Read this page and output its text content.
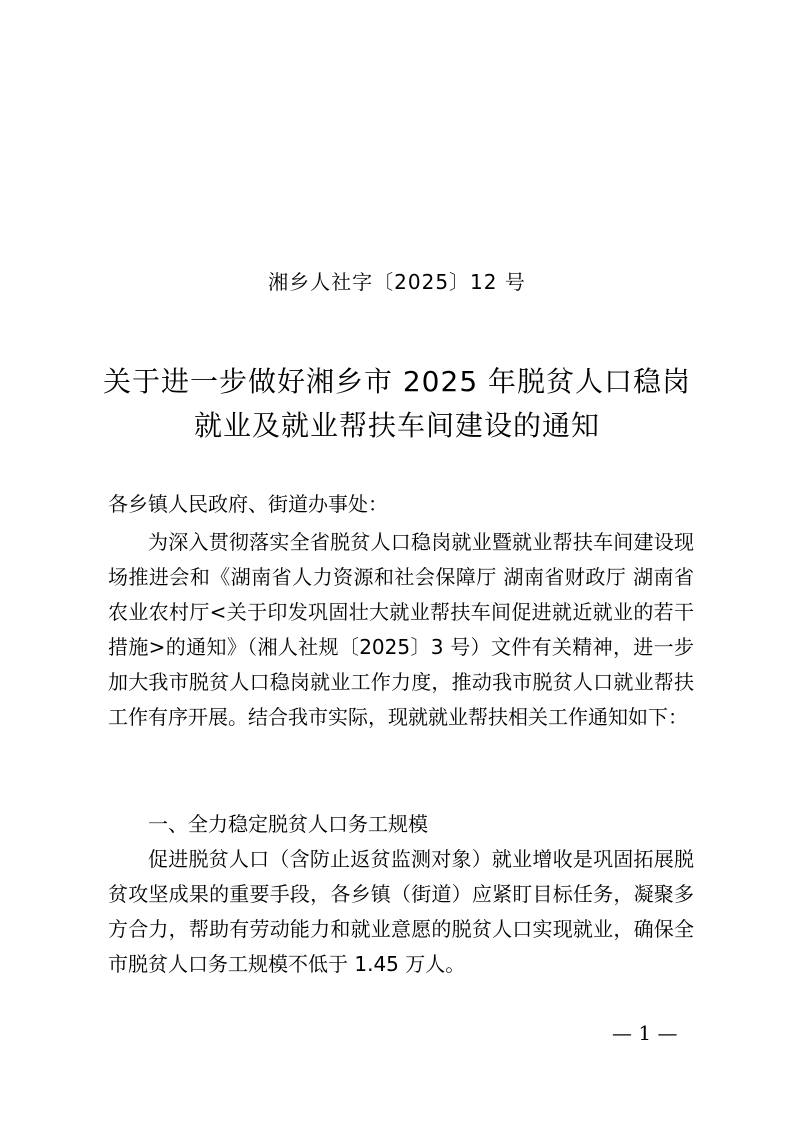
湘乡人社字〔2025〕12 号
关于进一步做好湘乡市 2025 年脱贫人口稳岗
就业及就业帮扶车间建设的通知
各乡镇人民政府、街道办事处：
为深入贯彻落实全省脱贫人口稳岗就业暨就业帮扶车间建设现场推进会和《湖南省人力资源和社会保障厅 湖南省财政厅 湖南省农业农村厅<关于印发巩固壮大就业帮扶车间促进就近就业的若干措施>的通知》（湘人社规〔2025〕3 号）文件有关精神，进一步加大我市脱贫人口稳岗就业工作力度，推动我市脱贫人口就业帮扶工作有序开展。结合我市实际，现就就业帮扶相关工作通知如下：
一、全力稳定脱贫人口务工规模
促进脱贫人口（含防止返贫监测对象）就业增收是巩固拓展脱贫攻坚成果的重要手段，各乡镇（街道）应紧盯目标任务，凝聚多方合力，帮助有劳动能力和就业意愿的脱贫人口实现就业，确保全市脱贫人口务工规模不低于 1.45 万人。
— 1 —
